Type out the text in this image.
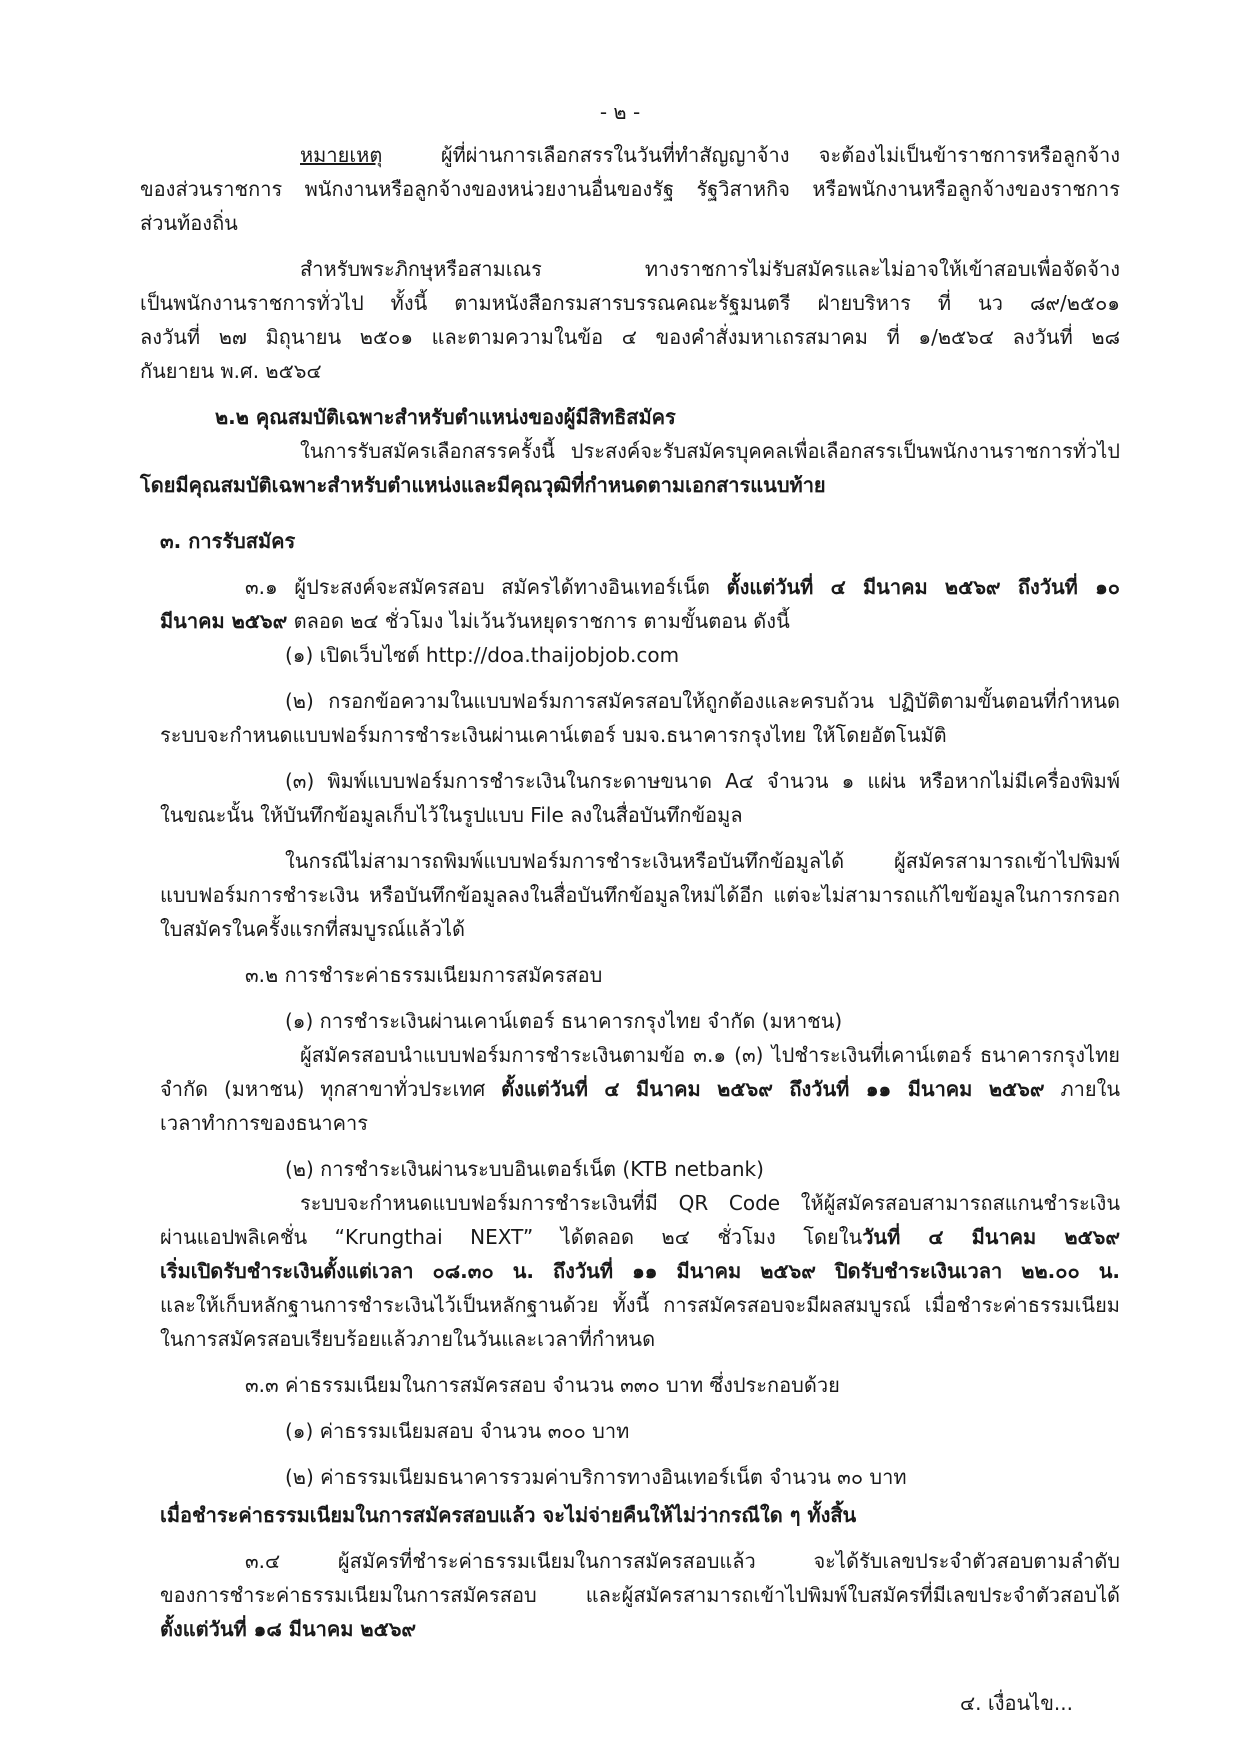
- ๒ -
หมายเหตุ	ผู้ที่ผ่านการเลือกสรรในวันที่ทำสัญญาจ้าง จะต้องไม่เป็นข้าราชการหรือลูกจ้าง
ของส่วนราชการ พนักงานหรือลูกจ้างของหน่วยงานอื่นของรัฐ รัฐวิสาหกิจ หรือพนักงานหรือลูกจ้างของราชการ
ส่วนท้องถิ่น
สำหรับพระภิกษุหรือสามเณร ทางราชการไม่รับสมัครและไม่อาจให้เข้าสอบเพื่อจัดจ้าง
เป็นพนักงานราชการทั่วไป ทั้งนี้ ตามหนังสือกรมสารบรรณคณะรัฐมนตรี ฝ่ายบริหาร ที่ นว ๘๙/๒๕๐๑
ลงวันที่ ๒๗ มิถุนายน ๒๕๐๑ และตามความในข้อ ๔ ของคำสั่งมหาเถรสมาคม ที่ ๑/๒๕๖๔ ลงวันที่ ๒๘
กันยายน พ.ศ. ๒๕๖๔
๒.๒ คุณสมบัติเฉพาะสำหรับตำแหน่งของผู้มีสิทธิสมัคร
ในการรับสมัครเลือกสรรครั้งนี้ ประสงค์จะรับสมัครบุคคลเพื่อเลือกสรรเป็นพนักงานราชการทั่วไป
โดยมีคุณสมบัติเฉพาะสำหรับตำแหน่งและมีคุณวุฒิที่กำหนดตามเอกสารแนบท้าย
๓. การรับสมัคร
๓.๑ ผู้ประสงค์จะสมัครสอบ สมัครได้ทางอินเทอร์เน็ต ตั้งแต่วันที่ ๔ มีนาคม ๒๕๖๙ ถึงวันที่ ๑๐
มีนาคม ๒๕๖๙ ตลอด ๒๔ ชั่วโมง ไม่เว้นวันหยุดราชการ ตามขั้นตอน ดังนี้
(๑) เปิดเว็บไซต์ http://doa.thaijobjob.com
(๒) กรอกข้อความในแบบฟอร์มการสมัครสอบให้ถูกต้องและครบถ้วน ปฏิบัติตามขั้นตอนที่กำหนด
ระบบจะกำหนดแบบฟอร์มการชำระเงินผ่านเคาน์เตอร์ บมจ.ธนาคารกรุงไทย ให้โดยอัตโนมัติ
(๓) พิมพ์แบบฟอร์มการชำระเงินในกระดาษขนาด A๔ จำนวน ๑ แผ่น หรือหากไม่มีเครื่องพิมพ์
ในขณะนั้น ให้บันทึกข้อมูลเก็บไว้ในรูปแบบ File ลงในสื่อบันทึกข้อมูล
ในกรณีไม่สามารถพิมพ์แบบฟอร์มการชำระเงินหรือบันทึกข้อมูลได้ ผู้สมัครสามารถเข้าไปพิมพ์
แบบฟอร์มการชำระเงิน หรือบันทึกข้อมูลลงในสื่อบันทึกข้อมูลใหม่ได้อีก แต่จะไม่สามารถแก้ไขข้อมูลในการกรอก
ใบสมัครในครั้งแรกที่สมบูรณ์แล้วได้
๓.๒ การชำระค่าธรรมเนียมการสมัครสอบ
(๑) การชำระเงินผ่านเคาน์เตอร์ ธนาคารกรุงไทย จำกัด (มหาชน)
ผู้สมัครสอบนำแบบฟอร์มการชำระเงินตามข้อ ๓.๑ (๓) ไปชำระเงินที่เคาน์เตอร์ ธนาคารกรุงไทย
จำกัด (มหาชน) ทุกสาขาทั่วประเทศ ตั้งแต่วันที่ ๔ มีนาคม ๒๕๖๙ ถึงวันที่ ๑๑ มีนาคม ๒๕๖๙ ภายใน
เวลาทำการของธนาคาร
(๒) การชำระเงินผ่านระบบอินเตอร์เน็ต (KTB netbank)
ระบบจะกำหนดแบบฟอร์มการชำระเงินที่มี QR Code ให้ผู้สมัครสอบสามารถสแกนชำระเงิน
ผ่านแอปพลิเคชั่น “Krungthai NEXT” ได้ตลอด ๒๔ ชั่วโมง โดยในวันที่ ๔ มีนาคม ๒๕๖๙
เริ่มเปิดรับชำระเงินตั้งแต่เวลา ๐๘.๓๐ น. ถึงวันที่ ๑๑ มีนาคม ๒๕๖๙ ปิดรับชำระเงินเวลา ๒๒.๐๐ น.
และให้เก็บหลักฐานการชำระเงินไว้เป็นหลักฐานด้วย ทั้งนี้ การสมัครสอบจะมีผลสมบูรณ์ เมื่อชำระค่าธรรมเนียม
ในการสมัครสอบเรียบร้อยแล้วภายในวันและเวลาที่กำหนด
๓.๓ ค่าธรรมเนียมในการสมัครสอบ จำนวน ๓๓๐ บาท ซึ่งประกอบด้วย
(๑) ค่าธรรมเนียมสอบ จำนวน ๓๐๐ บาท
(๒) ค่าธรรมเนียมธนาคารรวมค่าบริการทางอินเทอร์เน็ต จำนวน ๓๐ บาท
เมื่อชำระค่าธรรมเนียมในการสมัครสอบแล้ว จะไม่จ่ายคืนให้ไม่ว่ากรณีใด ๆ ทั้งสิ้น
๓.๔ ผู้สมัครที่ชำระค่าธรรมเนียมในการสมัครสอบแล้ว จะได้รับเลขประจำตัวสอบตามลำดับ
ของการชำระค่าธรรมเนียมในการสมัครสอบ และผู้สมัครสามารถเข้าไปพิมพ์ใบสมัครที่มีเลขประจำตัวสอบได้
ตั้งแต่วันที่ ๑๘ มีนาคม ๒๕๖๙
๔. เงื่อนไข...
